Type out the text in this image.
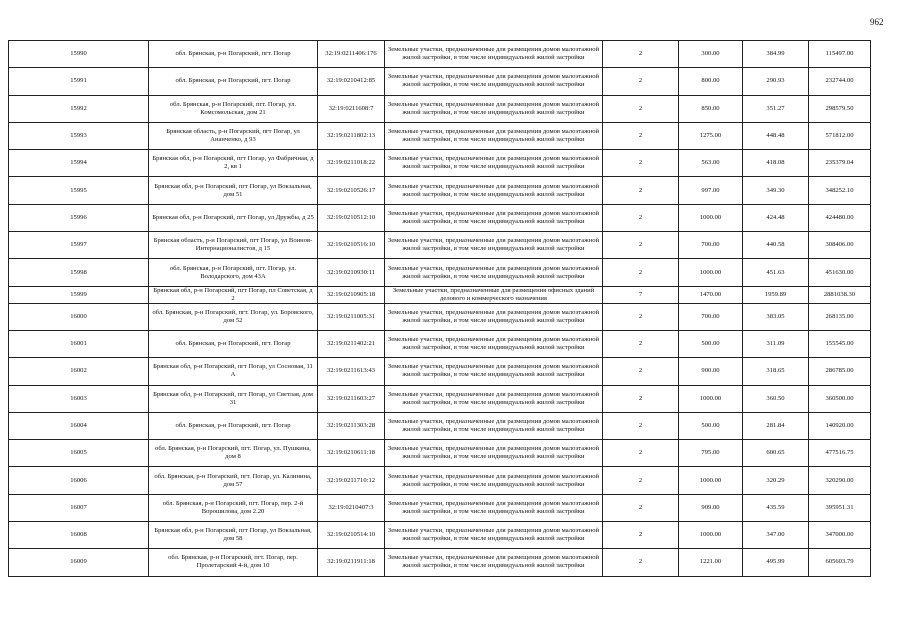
962
15990	обл. Брянская, р-н Погарский, пгт. Погар	32:19:0211406:176	Земельные участки, предназначенные для размещения домов малоэтажной жилой застройки, в том числе индивидуальной жилой застройки	2	300.00	384.99	115497.00
15991	обл. Брянская, р-н Погарский, пгт. Погар	32:19:0210412:85	Земельные участки, предназначенные для размещения домов малоэтажной жилой застройки, в том числе индивидуальной жилой застройки	2	800.00	290.93	232744.00
15992	обл. Брянская, р-н Погарский, пгт. Погар, ул. Комсомольская, дом 21	32:19:0211608:7	Земельные участки, предназначенные для размещения домов малоэтажной жилой застройки, в том числе индивидуальной жилой застройки	2	850.00	351.27	298579.50
15993	Брянская область, р-н Погарский, пгт Погар, ул Ананченко, д 93	32:19:0211802:13	Земельные участки, предназначенные для размещения домов малоэтажной жилой застройки, в том числе индивидуальной жилой застройки	2	1275.00	448.48	571812.00
15994	Брянская обл, р-н Погарский, пгт Погар, ул Фабричная, д 2, кв 1	32:19:0211018:22	Земельные участки, предназначенные для размещения домов малоэтажной жилой застройки, в том числе индивидуальной жилой застройки	2	563.00	418.08	235379.04
15995	Брянская обл, р-н Погарский, пгт Погар, ул Вокзальная, дом 51	32:19:0210526:17	Земельные участки, предназначенные для размещения домов малоэтажной жилой застройки, в том числе индивидуальной жилой застройки	2	997.00	349.30	348252.10
15996	Брянская обл, р-н Погарский, пгт Погар, ул Дружбы, д 25	32:19:0210512:10	Земельные участки, предназначенные для размещения домов малоэтажной жилой застройки, в том числе индивидуальной жилой застройки	2	1000.00	424.48	424480.00
15997	Брянская область, р-н Погарский, пгт Погар, ул Воинов-Интернационалистов, д 15	32:19:0210516:10	Земельные участки, предназначенные для размещения домов малоэтажной жилой застройки, в том числе индивидуальной жилой застройки	2	700.00	440.58	308406.00
15998	обл. Брянская, р-н Погарский, пгт. Погар, ул. Володарского, дом 43А	32:19:0210930:11	Земельные участки, предназначенные для размещения домов малоэтажной жилой застройки, в том числе индивидуальной жилой застройки	2	1000.00	451.63	451630.00
15999	Брянская обл, р-н Погарский, пгт Погар, пл Советская, д 2	32:19:0210905:18	Земельные участки, предназначенные для размещения офисных зданий делового и коммерческого назначения	7	1470.00	1959.89	2881038.30
16000	обл. Брянская, р-н Погарский, пгт. Погар, ул. Боровского, дом 52	32:19:0211005:31	Земельные участки, предназначенные для размещения домов малоэтажной жилой застройки, в том числе индивидуальной жилой застройки	2	700.00	383.05	268135.00
16001	обл. Брянская, р-н Погарский, пгт. Погар	32:19:0211402:21	Земельные участки, предназначенные для размещения домов малоэтажной жилой застройки, в том числе индивидуальной жилой застройки	2	500.00	311.09	155545.00
16002	Брянская обл, р-н Погарский, пгт Погар, ул Сосновая, 11 А	32:19:0211613:43	Земельные участки, предназначенные для размещения домов малоэтажной жилой застройки, в том числе индивидуальной жилой застройки	2	900.00	318.65	286785.00
16003	Брянская обл, р-н Погарский, пгт Погар, ул Светлая, дом 31	32:19:0211603:27	Земельные участки, предназначенные для размещения домов малоэтажной жилой застройки, в том числе индивидуальной жилой застройки	2	1000.00	360.50	360500.00
16004	обл. Брянская, р-н Погарский, пгт. Погар	32:19:0211303:28	Земельные участки, предназначенные для размещения домов малоэтажной жилой застройки, в том числе индивидуальной жилой застройки	2	500.00	281.84	140920.00
16005	обл. Брянская, р-н Погарский, пгт. Погар, ул. Пушкина, дом 8	32:19:0210611:18	Земельные участки, предназначенные для размещения домов малоэтажной жилой застройки, в том числе индивидуальной жилой застройки	2	795.00	600.65	477516.75
16006	обл. Брянская, р-н Погарский, пгт. Погар, ул. Калинина, дом 57	32:19:0211710:12	Земельные участки, предназначенные для размещения домов малоэтажной жилой застройки, в том числе индивидуальной жилой застройки	2	1000.00	320.29	320290.00
16007	обл. Брянская, р-н Погарский, пгт. Погар, пер. 2-й Ворошилова, дом 2.20	32:19:0210407:3	Земельные участки, предназначенные для размещения домов малоэтажной жилой застройки, в том числе индивидуальной жилой застройки	2	909.00	435.59	395951.31
16008	Брянская обл, р-н Погарский, пгт Погар, ул Вокзальная, дом 58	32:19:0210514:10	Земельные участки, предназначенные для размещения домов малоэтажной жилой застройки, в том числе индивидуальной жилой застройки	2	1000.00	347.00	347000.00
16009	обл. Брянская, р-н Погарский, пгт. Погар, пер. Пролетарский 4-й, дом 10	32:19:0211911:18	Земельные участки, предназначенные для размещения домов малоэтажной жилой застройки, в том числе индивидуальной жилой застройки	2	1221.00	495.99	605603.79
